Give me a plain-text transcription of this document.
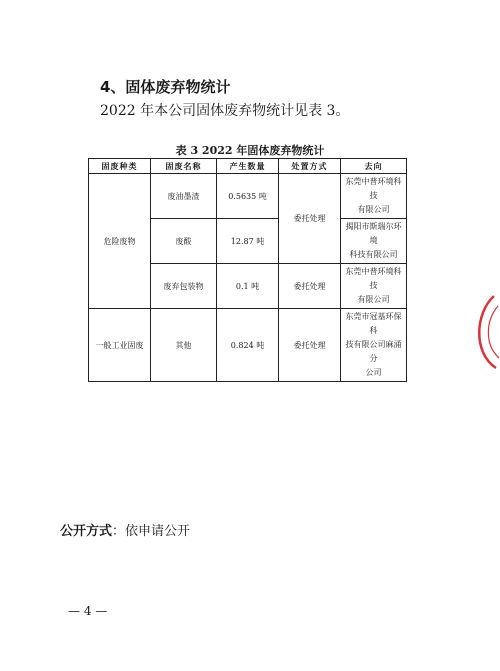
4、固体废弃物统计
2022 年本公司固体废弃物统计见表 3。
表 3 2022 年固体废弃物统计
固废种类	固废名称	产生数量	处置方式	去向
危险废物	废油墨渣	0.5635 吨	委托处理	东莞中普环境科技
有限公司

	废酸	12.87 吨		揭阳市斯瑞尔环境
科技有限公司

	废弃包装物	0.1 吨	委托处理	东莞中普环境科技
有限公司

一般工业固废	其他	0.824 吨	委托处理	东莞市冠基环保科
技有限公司麻涌分
公司
公开方式：依申请公开
— 4 —
